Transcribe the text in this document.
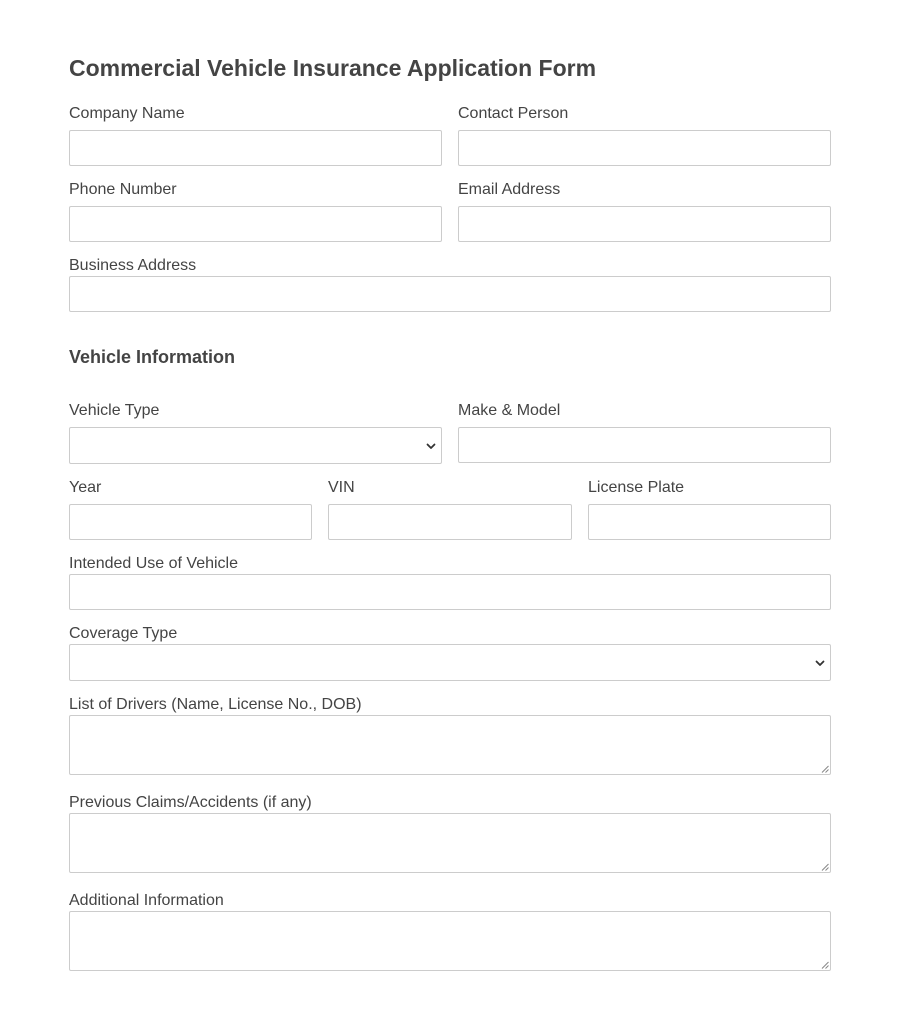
Commercial Vehicle Insurance Application Form
Company Name	Contact Person
Phone Number	Email Address
Business Address
Vehicle Information
Vehicle Type	Make & Model
Year	VIN	License Plate
Intended Use of Vehicle
Coverage Type
List of Drivers (Name, License No., DOB)
Previous Claims/Accidents (if any)
Additional Information
